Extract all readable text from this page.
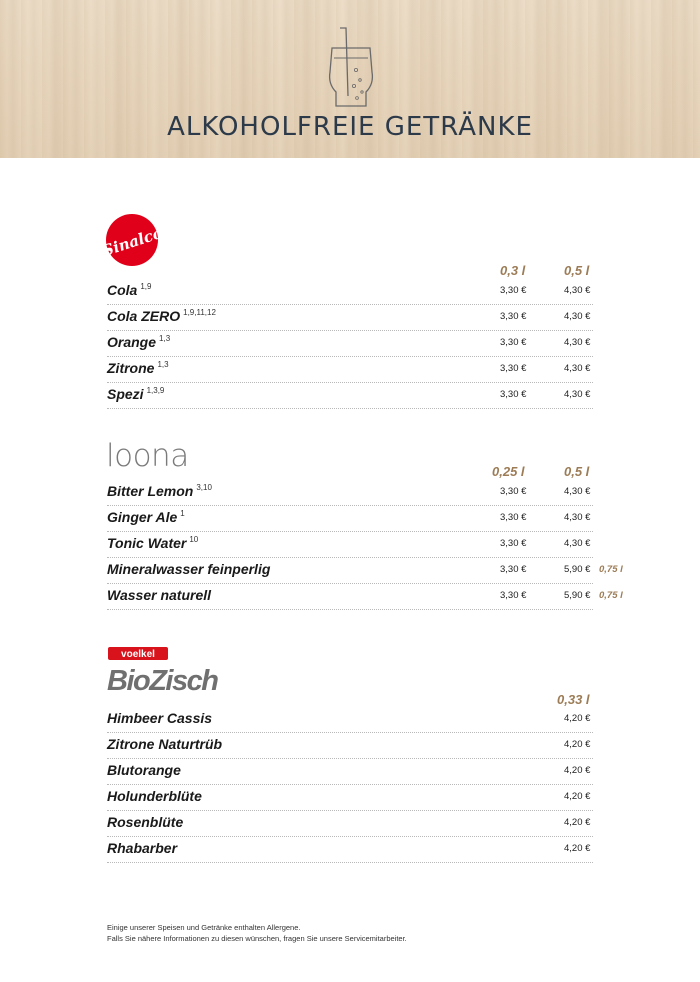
ALKOHOLFREIE GETRÄNKE
Sinalco
0,3 l	0,5 l
Cola $^{1,9}$	3,30 €	4,30 €
Cola ZERO $^{1,9,11,12}$	3,30 €	4,30 €
Orange $^{1,3}$	3,30 €	4,30 €
Zitrone $^{1,3}$	3,30 €	4,30 €
Spezi $^{1,3,9}$	3,30 €	4,30 €
loona	0,25 l	0,5 l
Bitter Lemon $^{3,10}$	3,30 €	4,30 €
Ginger Ale $^1$	3,30 €	4,30 €
Tonic Water $^{10}$	3,30 €	4,30 €
Mineralwasser feinperlig	3,30 €	5,90 € 0,75 l
Wasser naturell	3,30 €	5,90 € 0,75 l
voelkel
BioZisch
0,33 l
Himbeer Cassis	4,20 €
Zitrone Naturtrüb	4,20 €
Blutorange	4,20 €
Holunderblüte	4,20 €
Rosenblüte	4,20 €
Rhabarber	4,20 €
Einige unserer Speisen und Getränke enthalten Allergene.
Falls Sie nähere Informationen zu diesen wünschen, fragen Sie unsere Servicemitarbeiter.
